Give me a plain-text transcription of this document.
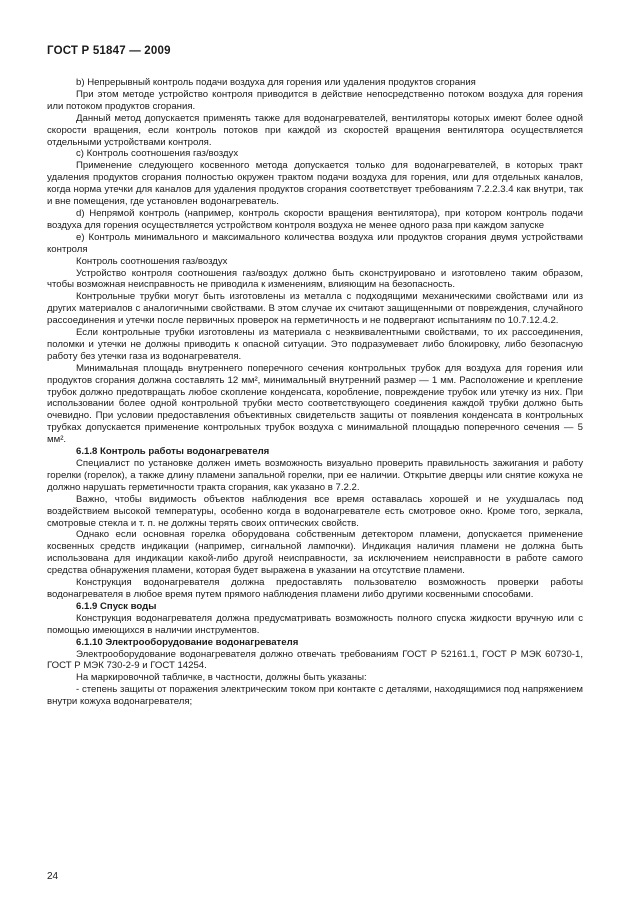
ГОСТ Р 51847 — 2009

b) Непрерывный контроль подачи воздуха для горения или удаления продуктов сгорания

При этом методе устройство контроля приводится в действие непосредственно потоком воздуха для горения или потоком продуктов сгорания.

Данный метод допускается применять также для водонагревателей, вентиляторы которых имеют более одной скорости вращения, если контроль потоков при каждой из скоростей вращения вентилятора осуществляется отдельными устройствами контроля.

c) Контроль соотношения газ/воздух

Применение следующего косвенного метода допускается только для водонагревателей, в которых тракт удаления продуктов сгорания полностью окружен трактом подачи воздуха для горения, или для отдельных каналов, когда норма утечки для каналов для удаления продуктов сгорания соответствует требованиям 7.2.2.3.4 как внутри, так и вне помещения, где установлен водонагреватель.

d) Непрямой контроль (например, контроль скорости вращения вентилятора), при котором контроль подачи воздуха для горения осуществляется устройством контроля воздуха не менее одного раза при каждом запуске

e) Контроль минимального и максимального количества воздуха или продуктов сгорания двумя устройствами контроля

Контроль соотношения газ/воздух

Устройство контроля соотношения газ/воздух должно быть сконструировано и изготовлено таким образом, чтобы возможная неисправность не приводила к изменениям, влияющим на безопасность.

Контрольные трубки могут быть изготовлены из металла с подходящими механическими свойствами или из других материалов с аналогичными свойствами. В этом случае их считают защищенными от повреждения, случайного рассоединения и утечки после первичных проверок на герметичность и не подвергают испытаниям по 10.7.12.4.2.

Если контрольные трубки изготовлены из материала с неэквивалентными свойствами, то их рассоединения, поломки и утечки не должны приводить к опасной ситуации. Это подразумевает либо блокировку, либо безопасную работу без утечки газа из водонагревателя.

Минимальная площадь внутреннего поперечного сечения контрольных трубок для воздуха для горения или продуктов сгорания должна составлять 12 мм², минимальный внутренний размер — 1 мм. Расположение и крепление трубок должно предотвращать любое скопление конденсата, коробление, повреждение трубок или утечку из них. При использовании более одной контрольной трубки место соответствующего соединения каждой трубки должно быть очевидно. При условии предоставления объективных свидетельств защиты от появления конденсата в контрольных трубках допускается применение контрольных трубок воздуха с минимальной площадью поперечного сечения — 5 мм².

6.1.8 Контроль работы водонагревателя

Специалист по установке должен иметь возможность визуально проверить правильность зажигания и работу горелки (горелок), а также длину пламени запальной горелки, при ее наличии. Открытие дверцы или снятие кожуха не должно нарушать герметичности тракта сгорания, как указано в 7.2.2.

Важно, чтобы видимость объектов наблюдения все время оставалась хорошей и не ухудшалась под воздействием высокой температуры, особенно когда в водонагревателе есть смотровое окно. Кроме того, зеркала, смотровые стекла и т. п. не должны терять своих оптических свойств.

Однако если основная горелка оборудована собственным детектором пламени, допускается применение косвенных средств индикации (например, сигнальной лампочки). Индикация наличия пламени не должна быть использована для индикации какой-либо другой неисправности, за исключением неисправности в работе самого средства обнаружения пламени, которая будет выражена в указании на отсутствие пламени.

Конструкция водонагревателя должна предоставлять пользователю возможность проверки работы водонагревателя в любое время путем прямого наблюдения пламени либо другими косвенными способами.

6.1.9 Спуск воды

Конструкция водонагревателя должна предусматривать возможность полного спуска жидкости вручную или с помощью имеющихся в наличии инструментов.

6.1.10 Электрооборудование водонагревателя

Электрооборудование водонагревателя должно отвечать требованиям ГОСТ Р 52161.1, ГОСТ Р МЭК 60730-1, ГОСТ Р МЭК 730-2-9 и ГОСТ 14254.

На маркировочной табличке, в частности, должны быть указаны:

- степень защиты от поражения электрическим током при контакте с деталями, находящимися под напряжением внутри кожуха водонагревателя;

24
